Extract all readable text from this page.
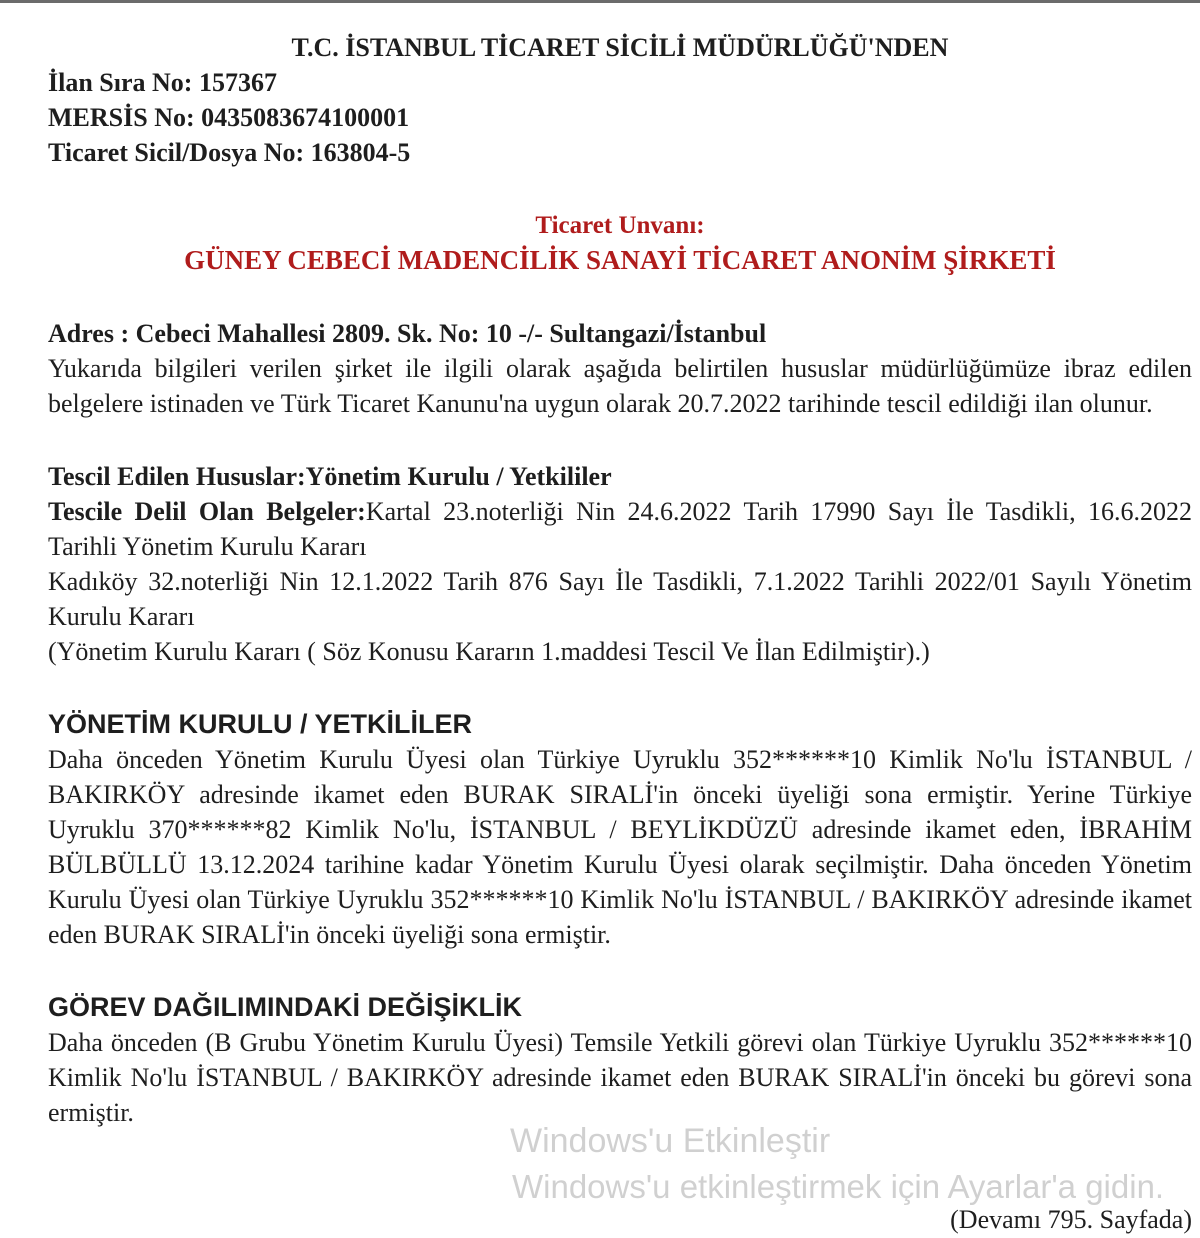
T.C. İSTANBUL TİCARET SİCİLİ MÜDÜRLÜĞÜ'NDEN
İlan Sıra No: 157367
MERSİS No: 0435083674100001
Ticaret Sicil/Dosya No: 163804-5
Ticaret Unvanı:
GÜNEY CEBECİ MADENCİLİK SANAYİ TİCARET ANONİM ŞİRKETİ
Adres : Cebeci Mahallesi 2809. Sk. No: 10 -/- Sultangazi/İstanbul
Yukarıda bilgileri verilen şirket ile ilgili olarak aşağıda belirtilen hususlar müdürlüğümüze ibraz edilen belgelere istinaden ve Türk Ticaret Kanunu'na uygun olarak 20.7.2022 tarihinde tescil edildiği ilan olunur.
Tescil Edilen Hususlar:Yönetim Kurulu / Yetkililer
Tescile Delil Olan Belgeler:Kartal 23.noterliği Nin 24.6.2022 Tarih 17990 Sayı İle Tasdikli, 16.6.2022 Tarihli Yönetim Kurulu Kararı
Kadıköy 32.noterliği Nin 12.1.2022 Tarih 876 Sayı İle Tasdikli, 7.1.2022 Tarihli 2022/01 Sayılı Yönetim Kurulu Kararı
(Yönetim Kurulu Kararı ( Söz Konusu Kararın 1.maddesi Tescil Ve İlan Edilmiştir).)
YÖNETİM KURULU / YETKİLİLER
Daha önceden Yönetim Kurulu Üyesi olan Türkiye Uyruklu 352******10 Kimlik No'lu İSTANBUL / BAKIRKÖY adresinde ikamet eden BURAK SIRALİ'in önceki üyeliği sona ermiştir. Yerine Türkiye Uyruklu 370******82 Kimlik No'lu, İSTANBUL / BEYLİKDÜZÜ adresinde ikamet eden, İBRAHİM BÜLBÜLLÜ 13.12.2024 tarihine kadar Yönetim Kurulu Üyesi olarak seçilmiştir. Daha önceden Yönetim Kurulu Üyesi olan Türkiye Uyruklu 352******10 Kimlik No'lu İSTANBUL / BAKIRKÖY adresinde ikamet eden BURAK SIRALİ'in önceki üyeliği sona ermiştir.
GÖREV DAĞILIMINDAKİ DEĞİŞİKLİK
Daha önceden (B Grubu Yönetim Kurulu Üyesi) Temsile Yetkili görevi olan Türkiye Uyruklu 352******10 Kimlik No'lu İSTANBUL / BAKIRKÖY adresinde ikamet eden BURAK SIRALİ'in önceki bu görevi sona ermiştir.
Windows'u Etkinleştir
Windows'u etkinleştirmek için Ayarlar'a gidin.
(Devamı 795. Sayfada)
